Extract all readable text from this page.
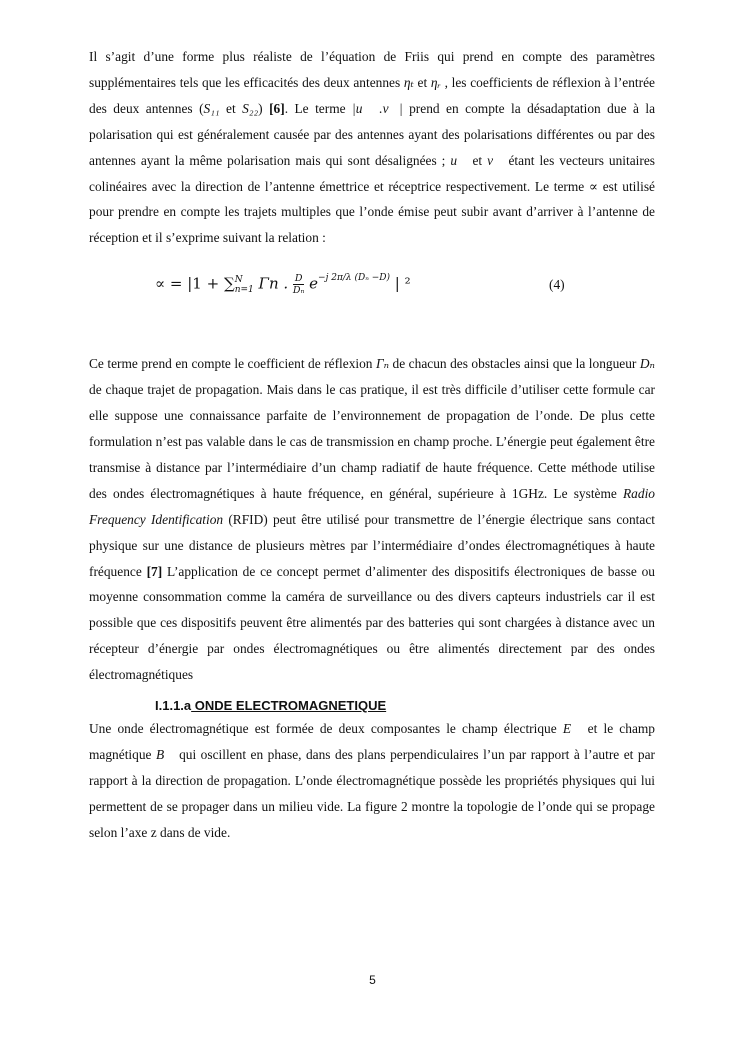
Il s’agit d’une forme plus réaliste de l’équation de Friis qui prend en compte des paramètres supplémentaires tels que les efficacités des deux antennes ηₜ et ηᵣ , les coefficients de réflexion à l’entrée des deux antennes (S₁₁ et S₂₂) [6]. Le terme |u⃗ .v⃗| prend en compte la désadaptation due à la polarisation qui est généralement causée par des antennes ayant des polarisations différentes ou par des antennes ayant la même polarisation mais qui sont désalignées ; u⃗ et v⃗ étant les vecteurs unitaires colinéaires avec la direction de l’antenne émettrice et réceptrice respectivement. Le terme ∝ est utilisé pour prendre en compte les trajets multiples que l’onde émise peut subir avant d’arriver à l’antenne de réception et il s’exprime suivant la relation :

∝ = |1 + ∑ N
n=1 Γn . $\frac{D}{\text{Dₙ}} e^{-j 2\pi/\lambda (D_n -D)}$ | ²	(4)

Ce terme prend en compte le coefficient de réflexion Γₙ de chacun des obstacles ainsi que la longueur Dₙ de chaque trajet de propagation. Mais dans le cas pratique, il est très difficile d’utiliser cette formule car elle suppose une connaissance parfaite de l’environnement de propagation de l’onde. De plus cette formulation n’est pas valable dans le cas de transmission en champ proche. L’énergie peut également être transmise à distance par l’intermédiaire d’un champ radiatif de haute fréquence. Cette méthode utilise des ondes électromagnétiques à haute fréquence, en général, supérieure à 1GHz. Le système Radio Frequency Identification (RFID) peut être utilisé pour transmettre de l’énergie électrique sans contact physique sur une distance de plusieurs mètres par l’intermédiaire d’ondes électromagnétiques à haute fréquence [7] L’application de ce concept permet d’alimenter des dispositifs électroniques de basse ou moyenne consommation comme la caméra de surveillance ou des divers capteurs industriels car il est possible que ces dispositifs peuvent être alimentés par des batteries qui sont chargées à distance avec un récepteur d’énergie par ondes électromagnétiques ou être alimentés directement par des ondes électromagnétiques

I.1.1.a ONDE ELECTROMAGNETIQUE

Une onde électromagnétique est formée de deux composantes le champ électrique E⃗ et le champ magnétique B⃗ qui oscillent en phase, dans des plans perpendiculaires l’un par rapport à l’autre et par rapport à la direction de propagation. L’onde électromagnétique possède les propriétés physiques qui lui permettent de se propager dans un milieu vide. La figure 2 montre la topologie de l’onde qui se propage selon l’axe z dans de vide.

5
